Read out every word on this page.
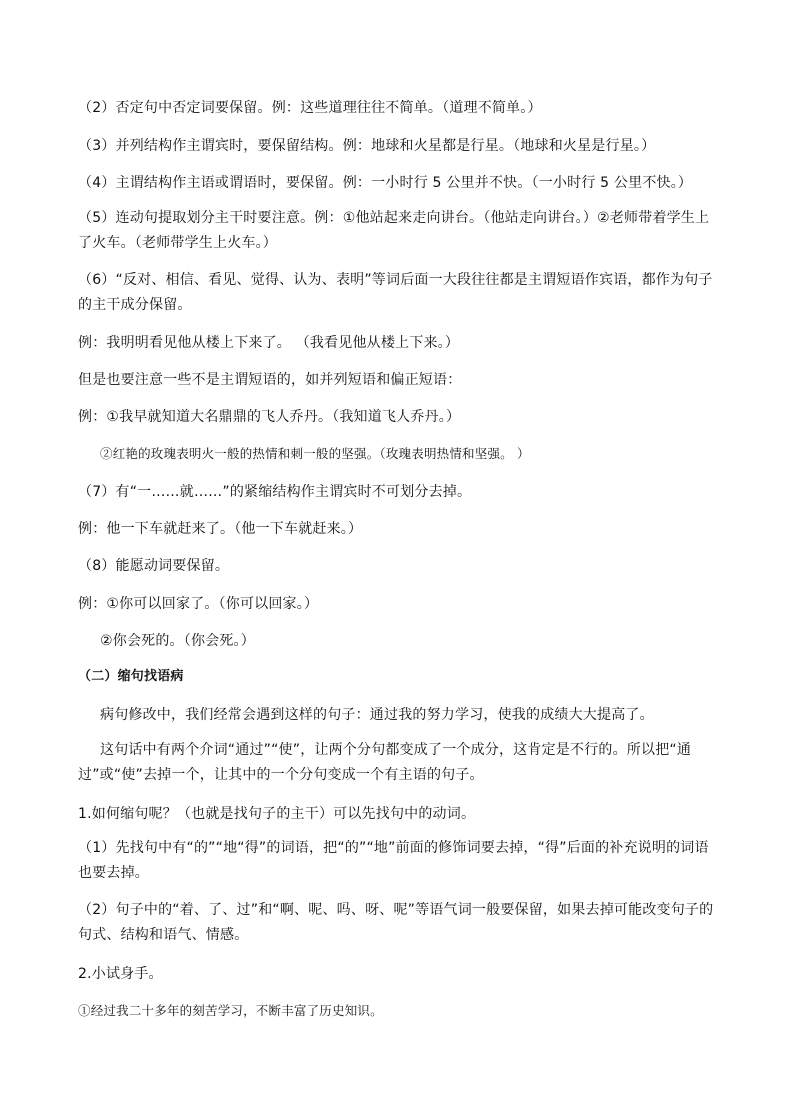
（2）否定句中否定词要保留。例：这些道理往往不简单。（道理不简单。）
（3）并列结构作主谓宾时，要保留结构。例：地球和火星都是行星。（地球和火星是行星。）
（4）主谓结构作主语或谓语时，要保留。例：一小时行 5 公里并不快。（一小时行 5 公里不快。）
（5）连动句提取划分主干时要注意。例：①他站起来走向讲台。（他站走向讲台。）②老师带着学生上了火车。（老师带学生上火车。）
（6）“反对、相信、看见、觉得、认为、表明”等词后面一大段往往都是主谓短语作宾语，都作为句子的主干成分保留。
例：我明明看见他从楼上下来了。 （我看见他从楼上下来。）
但是也要注意一些不是主谓短语的，如并列短语和偏正短语：
例：①我早就知道大名鼎鼎的飞人乔丹。（我知道飞人乔丹。）
②红艳的玫瑰表明火一般的热情和刺一般的坚强。（玫瑰表明热情和坚强。 ）
（7）有“一……就……”的紧缩结构作主谓宾时不可划分去掉。
例：他一下车就赶来了。（他一下车就赶来。）
（8）能愿动词要保留。
例：①你可以回家了。（你可以回家。）
②你会死的。（你会死。）
（二）缩句找语病
病句修改中，我们经常会遇到这样的句子：通过我的努力学习，使我的成绩大大提高了。
这句话中有两个介词“通过”“使”，让两个分句都变成了一个成分，这肯定是不行的。所以把“通过”或“使”去掉一个，让其中的一个分句变成一个有主语的句子。
1.如何缩句呢？（也就是找句子的主干）可以先找句中的动词。
（1）先找句中有“的”“地“得”的词语，把“的”“地”前面的修饰词要去掉，“得”后面的补充说明的词语也要去掉。
（2）句子中的“着、了、过”和“啊、呢、吗、呀、呢”等语气词一般要保留，如果去掉可能改变句子的句式、结构和语气、情感。
2.小试身手。
①经过我二十多年的刻苦学习，不断丰富了历史知识。
